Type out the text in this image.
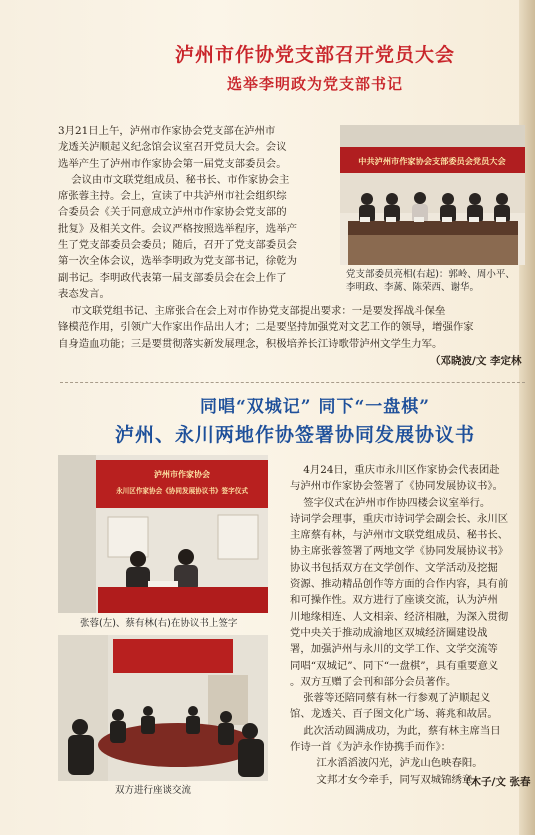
泸州市作协党支部召开党员大会
选举李明政为党支部书记
3月21日上午，泸州市作家协会党支部在泸州市
龙透关泸顺起义纪念馆会议室召开党员大会。会议
选举产生了泸州市作家协会第一届党支部委员会。
会议由市文联党组成员、秘书长、市作家协会主
席张蓉主持。会上，宣读了中共泸州市社会组织综
合委员会《关于同意成立泸州市作家协会党支部的
批复》及相关文件。会议严格按照选举程序，选举产
生了党支部委员会委员；随后，召开了党支部委员会
第一次全体会议，选举李明政为党支部书记，徐乾为
副书记。李明政代表第一届支部委员会在会上作了
表态发言。
中共泸州市作家协会支部委员会党员大会
党支部委员亮相(右起)：郭岭、周小平、
李明政、李蓠、陈荣西、谢华。
市文联党组书记、主席张合在会上对市作协党支部提出要求：一是要发挥战斗保垒
锋模范作用，引领广大作家出作品出人才；二是要坚持加强党对文艺工作的领导，增强作家
自身造血功能；三是要贯彻落实新发展理念，积极培养长江诗歌带泸州文学生力军。
（邓晓波/文 李定林
同唱“双城记” 同下“一盘棋”
泸州、永川两地作协签署协同发展协议书
泸州市作家协会
永川区作家协会《协同发展协议书》签字仪式
张蓉(左)、蔡有林(右)在协议书上签字
双方进行座谈交流
4月24日，重庆市永川区作家协会代表团赴
与泸州市作家协会签署了《协同发展协议书》。
签字仪式在泸州市作协四楼会议室举行。
诗词学会理事，重庆市诗词学会副会长、永川区
主席蔡有林，与泸州市文联党组成员、秘书长、
协主席张蓉签署了两地文学《协同发展协议书》
协议书包括双方在文学创作、文学活动及挖掘
资源、推动精品创作等方面的合作内容，具有前
和可操作性。双方进行了座谈交流，认为泸州
川地缘相连、人文相亲、经济相融，为深入贯彻
党中央关于推动成渝地区双城经济圈建设战
署，加强泸州与永川的文学工作、文学交流等
同唱“双城记”、同下“一盘棋”，具有重要意义
。双方互赠了会刊和部分会员著作。
张蓉等还陪同蔡有林一行参观了泸顺起义
馆、龙透关、百子图文化广场、蒋兆和故居。
此次活动圆满成功，为此，蔡有林主席当日
作诗一首《为泸永作协携手而作》：
江水滔滔波闪光，泸龙山色映春阳。
文邦才女今牵手，同写双城锦绣章。
（木子/文 张春
